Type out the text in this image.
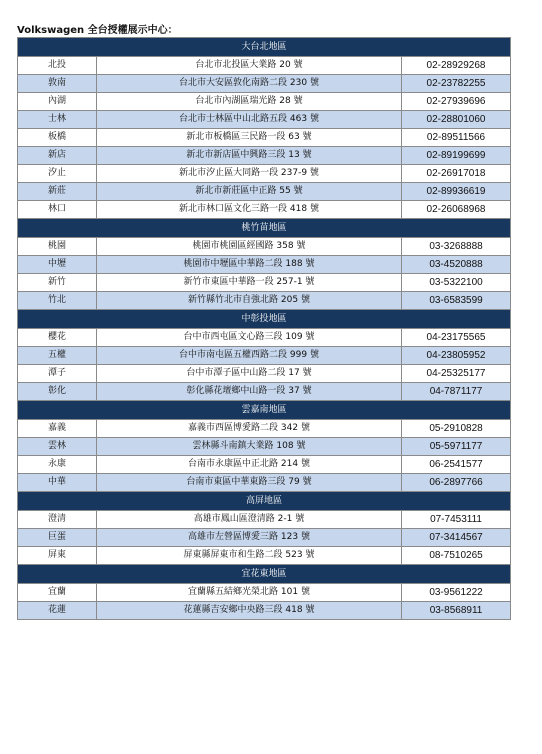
Volkswagen 全台授權展示中心：
大台北地區		
北投	台北市北投區大業路 20 號	02-28929268
敦南	台北市大安區敦化南路二段 230 號	02-23782255
內湖	台北市內湖區瑞光路 28 號	02-27939696
士林	台北市士林區中山北路五段 463 號	02-28801060
板橋	新北市板橋區三民路一段 63 號	02-89511566
新店	新北市新店區中興路三段 13 號	02-89199699
汐止	新北市汐止區大同路一段 237-9 號	02-26917018
新莊	新北市新莊區中正路 55 號	02-89936619
林口	新北市林口區文化三路一段 418 號	02-26068968
桃竹苗地區		
桃園	桃園市桃園區經國路 358 號	03-3268888
中壢	桃園市中壢區中華路二段 188 號	03-4520888
新竹	新竹市東區中華路一段 257-1 號	03-5322100
竹北	新竹縣竹北市自強北路 205 號	03-6583599
中彰投地區		
櫻花	台中市西屯區文心路三段 109 號	04-23175565
五權	台中市南屯區五權西路二段 999 號	04-23805952
潭子	台中市潭子區中山路二段 17 號	04-25325177
彰化	彰化縣花壇鄉中山路一段 37 號	04-7871177
雲嘉南地區		
嘉義	嘉義市西區博愛路二段 342 號	05-2910828
雲林	雲林縣斗南鎮大業路 108 號	05-5971177
永康	台南市永康區中正北路 214 號	06-2541577
中華	台南市東區中華東路三段 79 號	06-2897766
高屏地區		
澄清	高雄市鳳山區澄清路 2-1 號	07-7453111
巨蛋	高雄市左營區博愛三路 123 號	07-3414567
屏東	屏東縣屏東市和生路二段 523 號	08-7510265
宜花東地區		
宜蘭	宜蘭縣五結鄉光榮北路 101 號	03-9561222
花蓮	花蓮縣吉安鄉中央路三段 418 號	03-8568911
